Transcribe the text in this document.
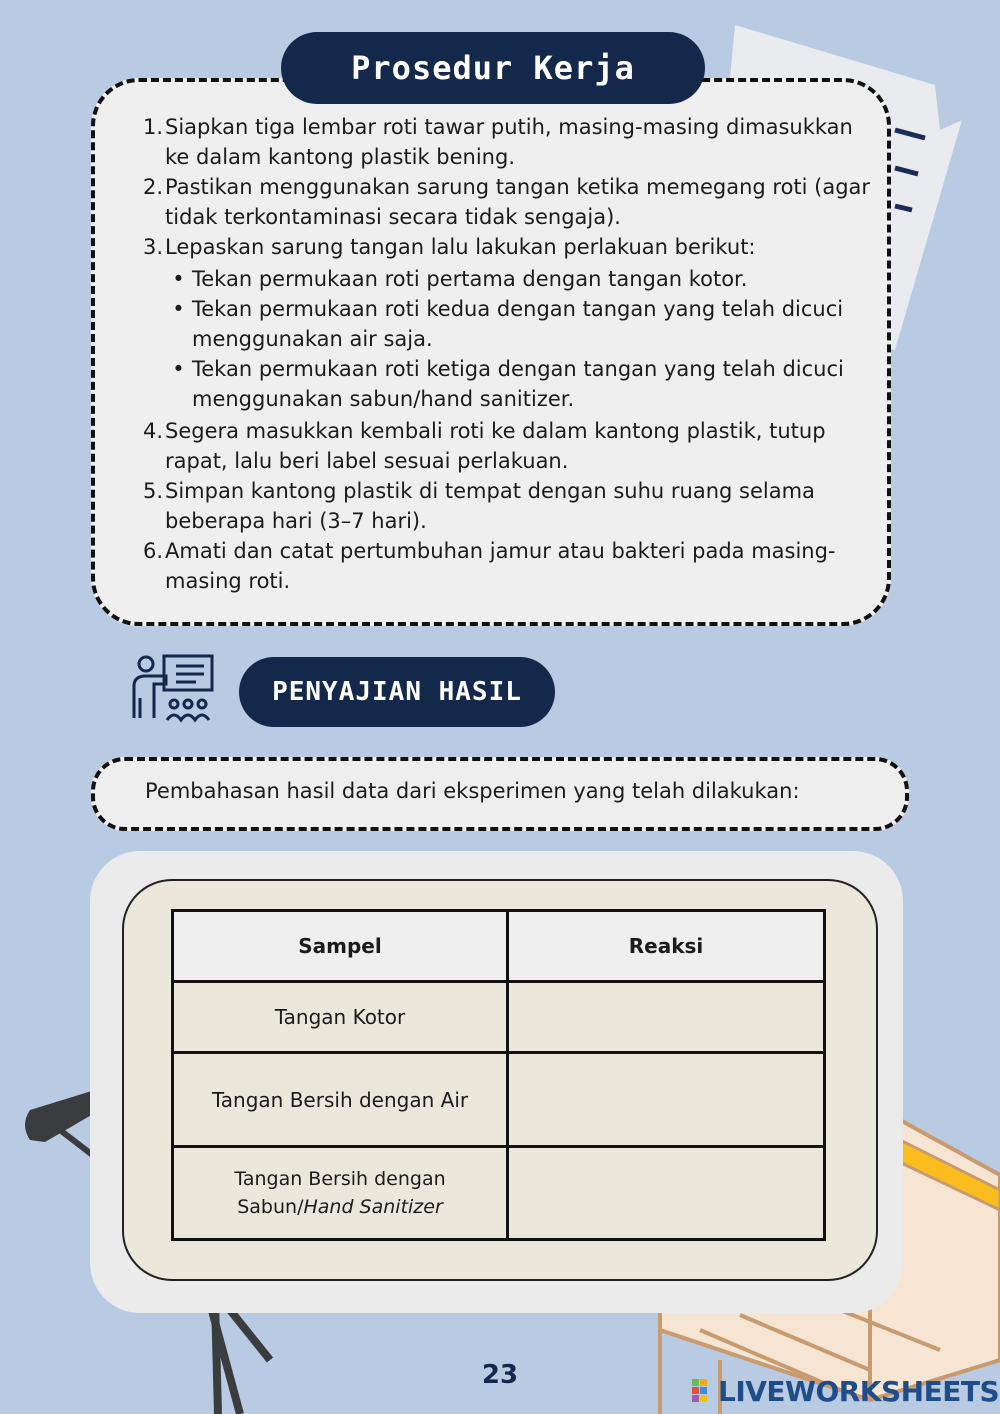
Prosedur Kerja
1. Siapkan tiga lembar roti tawar putih, masing-masing dimasukkan ke dalam kantong plastik bening.
2. Pastikan menggunakan sarung tangan ketika memegang roti (agar tidak terkontaminasi secara tidak sengaja).
3. Lepaskan sarung tangan lalu lakukan perlakuan berikut:
• Tekan permukaan roti pertama dengan tangan kotor.
• Tekan permukaan roti kedua dengan tangan yang telah dicuci menggunakan air saja.
• Tekan permukaan roti ketiga dengan tangan yang telah dicuci menggunakan sabun/hand sanitizer.
4. Segera masukkan kembali roti ke dalam kantong plastik, tutup rapat, lalu beri label sesuai perlakuan.
5. Simpan kantong plastik di tempat dengan suhu ruang selama beberapa hari (3–7 hari).
6. Amati dan catat pertumbuhan jamur atau bakteri pada masing-masing roti.
PENYAJIAN HASIL
Pembahasan hasil data dari eksperimen yang telah dilakukan:
Sampel	Reaksi
Tangan Kotor	
Tangan Bersih dengan Air	
Tangan Bersih dengan
Sabun/Hand Sanitizer	
23	LIVEWORKSHEETS
